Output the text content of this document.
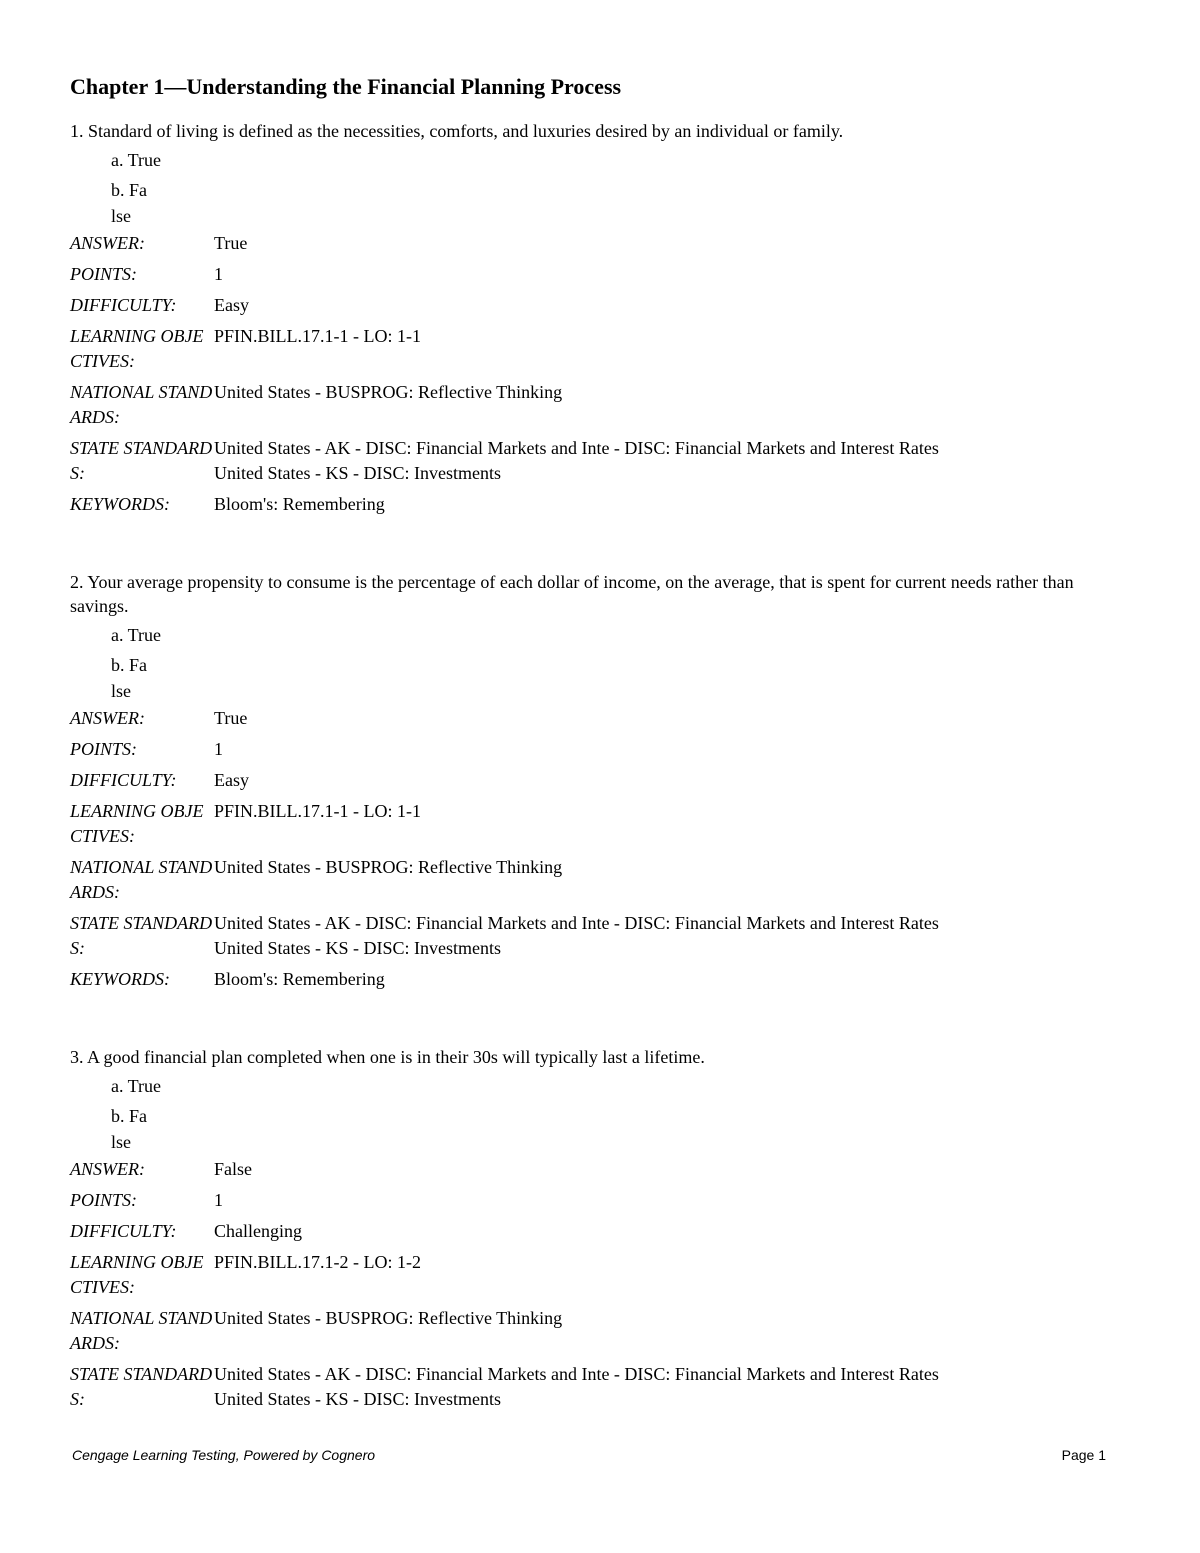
Chapter 1—Understanding the Financial Planning Process

1. Standard of living is defined as the necessities, comforts, and luxuries desired by an individual or family.

a. True
b. False
ANSWER:	True
POINTS:	1
DIFFICULTY:	Easy
LEARNING OBJECTIVES:
PFIN.BILL.17.1-1 - LO: 1-1
NATIONAL STANDARDS:
United States - BUSPROG: Reflective Thinking
STATE STANDARDS:
United States - AK - DISC: Financial Markets and Inte - DISC: Financial Markets and Interest Rates
United States - KS - DISC: Investments
KEYWORDS:	Bloom's: Remembering

2. Your average propensity to consume is the percentage of each dollar of income, on the average, that is spent for current needs rather than savings.

a. True
b. False
ANSWER:	True
POINTS:	1
DIFFICULTY:	Easy
LEARNING OBJECTIVES:
PFIN.BILL.17.1-1 - LO: 1-1
NATIONAL STANDARDS:
United States - BUSPROG: Reflective Thinking
STATE STANDARDS:
United States - AK - DISC: Financial Markets and Inte - DISC: Financial Markets and Interest Rates
United States - KS - DISC: Investments
KEYWORDS:	Bloom's: Remembering

3. A good financial plan completed when one is in their 30s will typically last a lifetime.

a. True
b. False
ANSWER:	False
POINTS:	1
DIFFICULTY:	Challenging
LEARNING OBJECTIVES:
PFIN.BILL.17.1-2 - LO: 1-2
NATIONAL STANDARDS:
United States - BUSPROG: Reflective Thinking
STATE STANDARDS:
United States - AK - DISC: Financial Markets and Inte - DISC: Financial Markets and Interest Rates
United States - KS - DISC: Investments
Cengage Learning Testing, Powered by Cognero	Page 1
